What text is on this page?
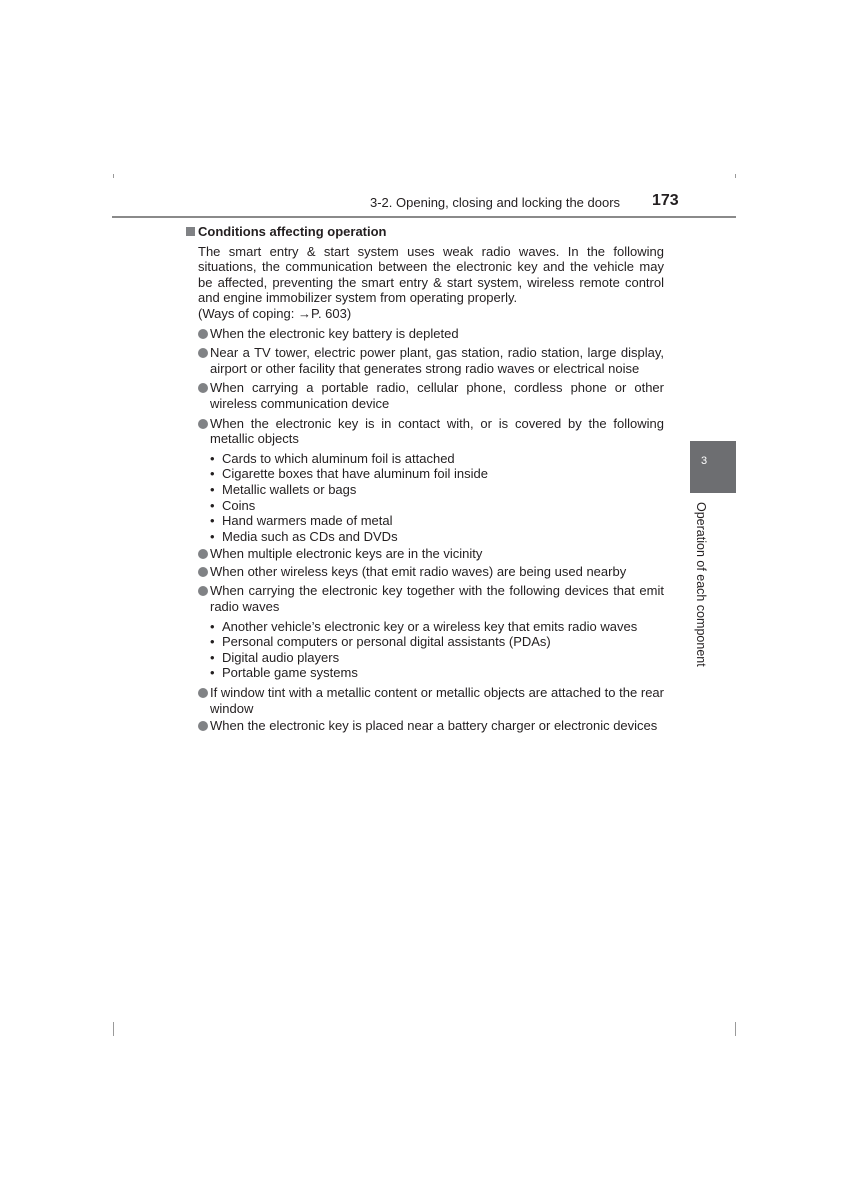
3-2. Opening, closing and locking the doors 173
3
Operation of each component
Conditions affecting operation
The smart entry & start system uses weak radio waves. In the following situations, the communication between the electronic key and the vehicle may be affected, preventing the smart entry & start system, wireless remote control and engine immobilizer system from operating properly.
(Ways of coping: →P. 603)
When the electronic key battery is depleted
Near a TV tower, electric power plant, gas station, radio station, large display, airport or other facility that generates strong radio waves or electrical noise
When carrying a portable radio, cellular phone, cordless phone or other wireless communication device
When the electronic key is in contact with, or is covered by the following metallic objects
• Cards to which aluminum foil is attached
• Cigarette boxes that have aluminum foil inside
• Metallic wallets or bags
• Coins
• Hand warmers made of metal
• Media such as CDs and DVDs
When multiple electronic keys are in the vicinity
When other wireless keys (that emit radio waves) are being used nearby
When carrying the electronic key together with the following devices that emit radio waves
• Another vehicle’s electronic key or a wireless key that emits radio waves
• Personal computers or personal digital assistants (PDAs)
• Digital audio players
• Portable game systems
If window tint with a metallic content or metallic objects are attached to the rear window
When the electronic key is placed near a battery charger or electronic devices
